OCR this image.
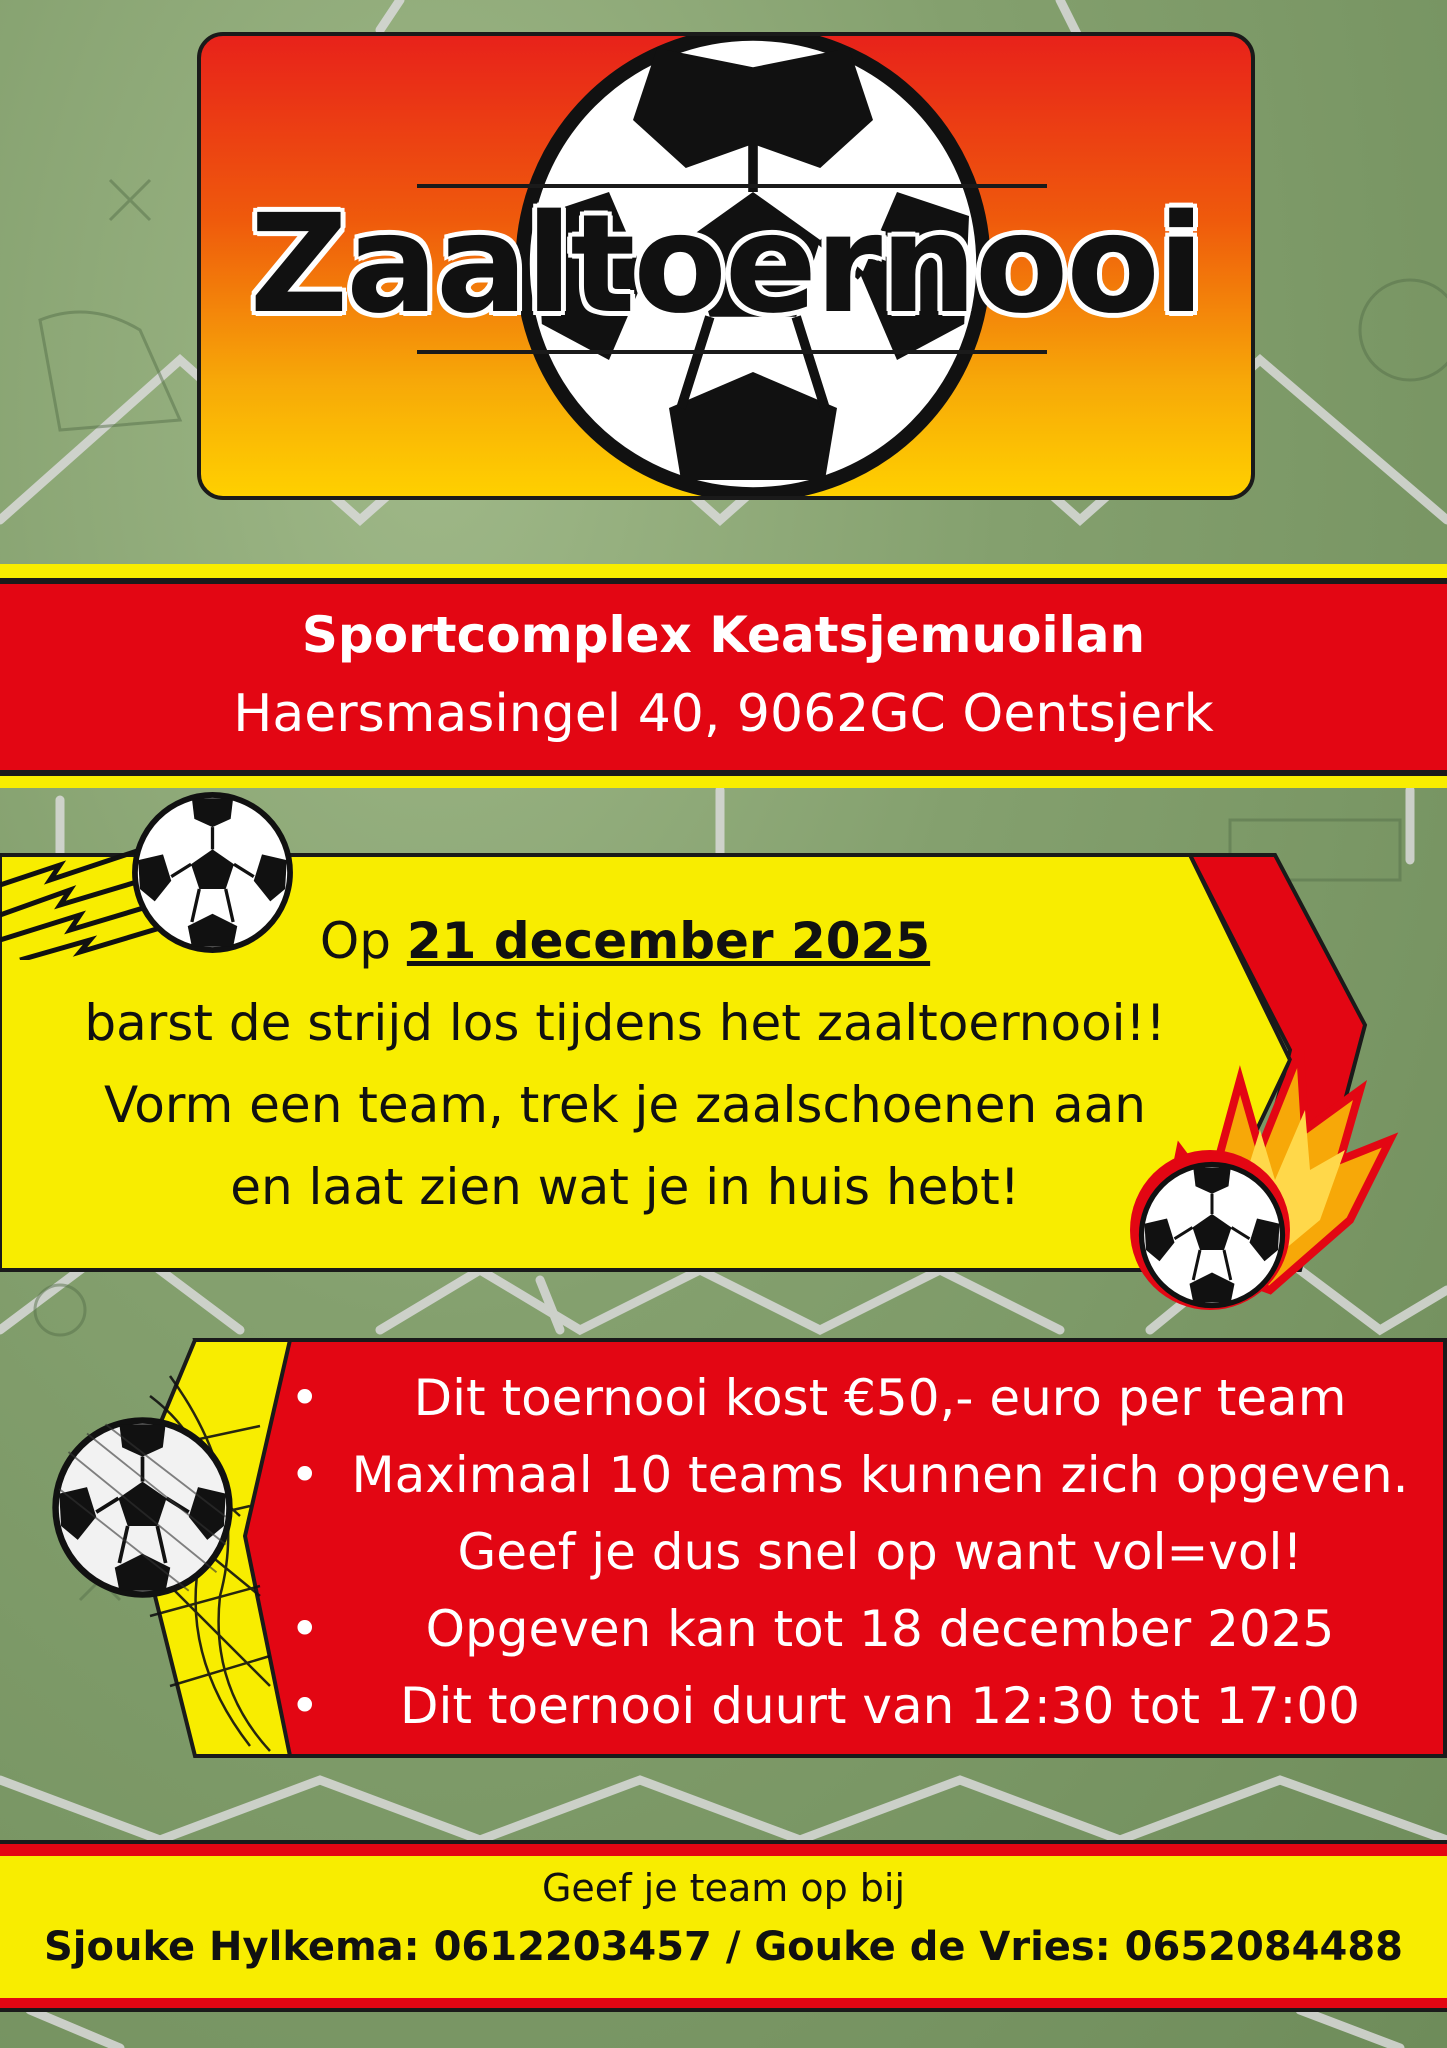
Zaaltoernooi
Sportcomplex Keatsjemuoilan
Haersmasingel 40, 9062GC Oentsjerk
Op 21 december 2025
barst de strijd los tijdens het zaaltoernooi!!
Vorm een team, trek je zaalschoenen aan
en laat zien wat je in huis hebt!
• Dit toernooi kost €50,- euro per team
• Maximaal 10 teams kunnen zich opgeven.
Geef je dus snel op want vol=vol!
• Opgeven kan tot 18 december 2025
• Dit toernooi duurt van 12:30 tot 17:00
Geef je team op bij
Sjouke Hylkema: 0612203457 / Gouke de Vries: 0652084488
